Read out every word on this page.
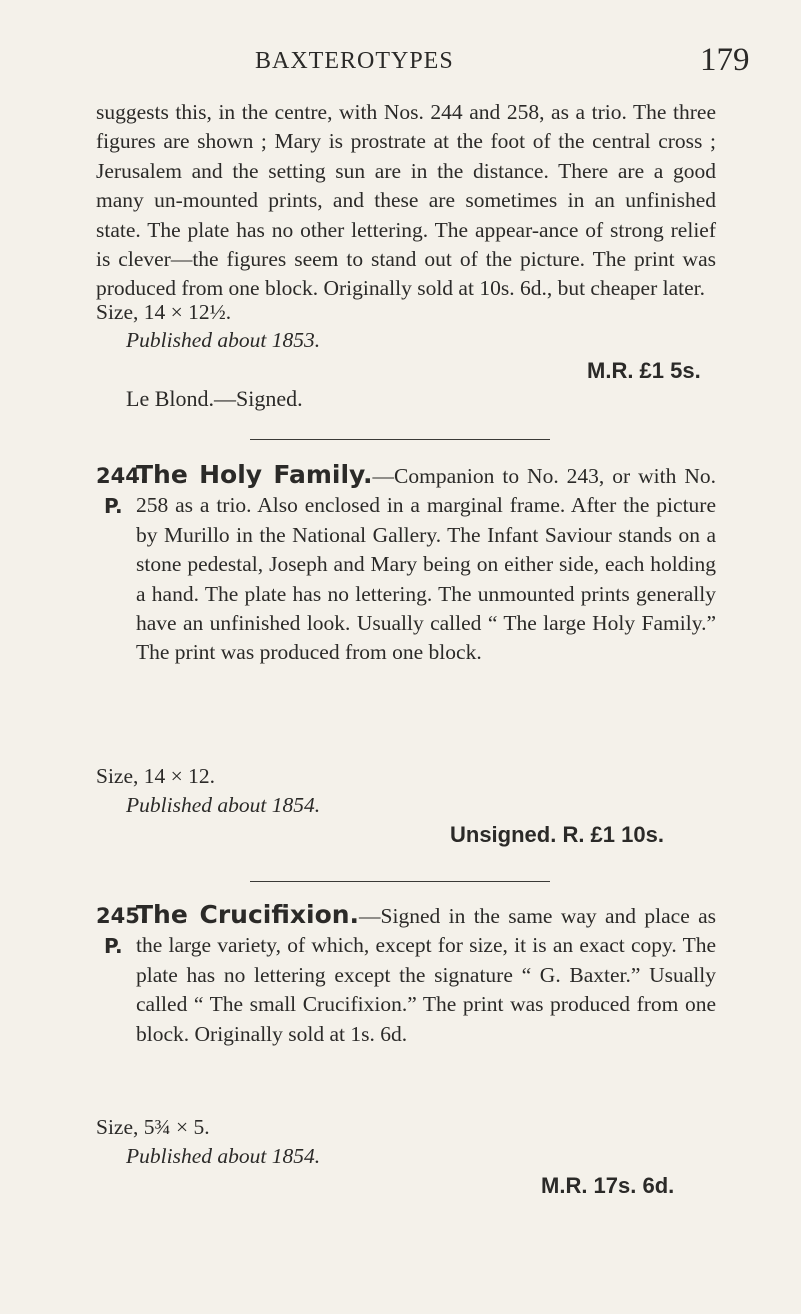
BAXTEROTYPES	179

suggests this, in the centre, with Nos. 244 and 258, as a trio. The three figures are shown ; Mary is prostrate at the foot of the central cross ; Jerusalem and the setting sun are in the distance. There are a good many un-mounted prints, and these are sometimes in an unfinished state. The plate has no other lettering. The appear-ance of strong relief is clever—the figures seem to stand out of the picture. The print was produced from one block. Originally sold at 10s. 6d., but cheaper later.

Size, 14 × 12½.
Published about 1853.
M.R. £1 5s.
Le Blond.—Signed.
244.
P.

The Holy Family.—Companion to No. 243, or with No. 258 as a trio. Also enclosed in a marginal frame. After the picture by Murillo in the National Gallery. The Infant Saviour stands on a stone pedestal, Joseph and Mary being on either side, each holding a hand. The plate has no lettering. The unmounted prints generally have an unfinished look. Usually called “ The large Holy Family.” The print was produced from one block.

Size, 14 × 12.
Published about 1854.
Unsigned. R. £1 10s.
245.
P.

The Crucifixion.—Signed in the same way and place as the large variety, of which, except for size, it is an exact copy. The plate has no lettering except the signature “ G. Baxter.” Usually called “ The small Crucifixion.” The print was produced from one block. Originally sold at 1s. 6d.

Size, 5¾ × 5.
Published about 1854.
M.R. 17s. 6d.
